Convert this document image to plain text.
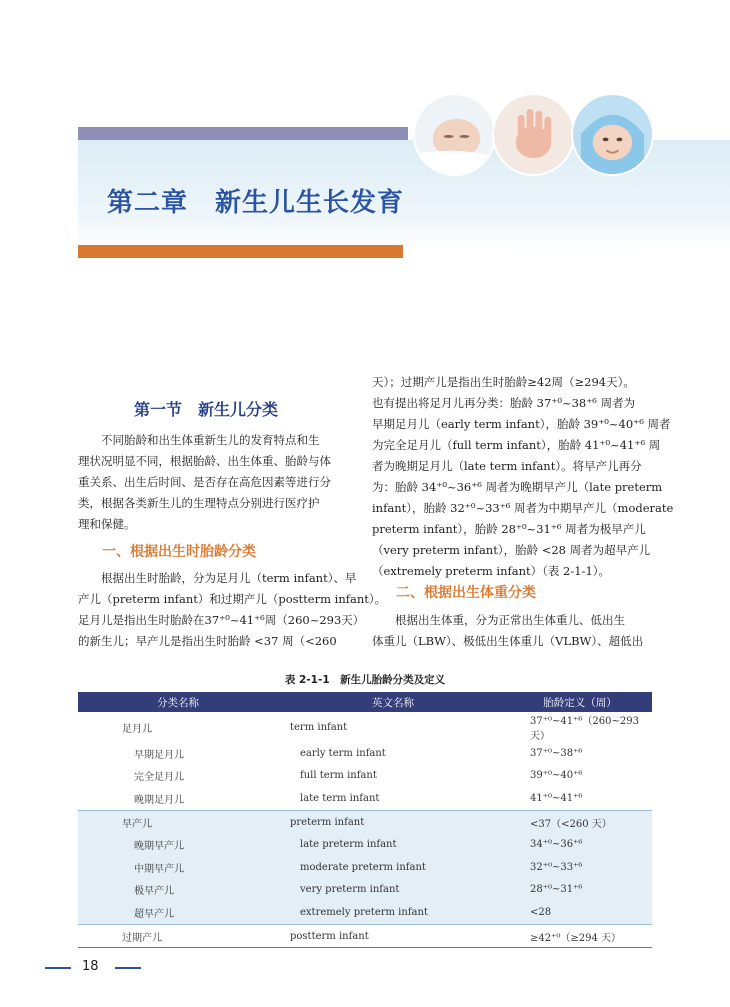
第二章　新生儿生长发育
第一节　新生儿分类
不同胎龄和出生体重新生儿的发育特点和生
理状况明显不同，根据胎龄、出生体重、胎龄与体
重关系、出生后时间、是否存在高危因素等进行分
类，根据各类新生儿的生理特点分别进行医疗护
理和保健。
一、根据出生时胎龄分类
根据出生时胎龄，分为足月儿（term infant）、早
产儿（preterm infant）和过期产儿（postterm infant）。
足月儿是指出生时胎龄在37⁺⁰~41⁺⁶周（260~293天）
的新生儿；早产儿是指出生时胎龄 <37 周（<260
天）；过期产儿是指出生时胎龄≥42周（≥294天）。
也有提出将足月儿再分类：胎龄 37⁺⁰~38⁺⁶ 周者为
早期足月儿（early term infant），胎龄 39⁺⁰~40⁺⁶ 周者
为完全足月儿（full term infant），胎龄 41⁺⁰~41⁺⁶ 周
者为晚期足月儿（late term infant）。将早产儿再分
为：胎龄 34⁺⁰~36⁺⁶ 周者为晚期早产儿（late preterm
infant），胎龄 32⁺⁰~33⁺⁶ 周者为中期早产儿（moderate
preterm infant），胎龄 28⁺⁰~31⁺⁶ 周者为极早产儿
（very preterm infant），胎龄 <28 周者为超早产儿
（extremely preterm infant）（表 2-1-1）。
二、根据出生体重分类
根据出生体重，分为正常出生体重儿、低出生
体重儿（LBW）、极低出生体重儿（VLBW）、超低出
表 2-1-1　新生儿胎龄分类及定义
分类名称	英文名称	胎龄定义（周）
足月儿	term infant	37⁺⁰~41⁺⁶（260~293 天）
早期足月儿	early term infant	37⁺⁰~38⁺⁶
完全足月儿	full term infant	39⁺⁰~40⁺⁶
晚期足月儿	late term infant	41⁺⁰~41⁺⁶
早产儿	preterm infant	<37（<260 天）
晚期早产儿	late preterm infant	34⁺⁰~36⁺⁶
中期早产儿	moderate preterm infant	32⁺⁰~33⁺⁶
极早产儿	very preterm infant	28⁺⁰~31⁺⁶
超早产儿	extremely preterm infant	<28
过期产儿	postterm infant	≥42⁺⁰（≥294 天）
18
